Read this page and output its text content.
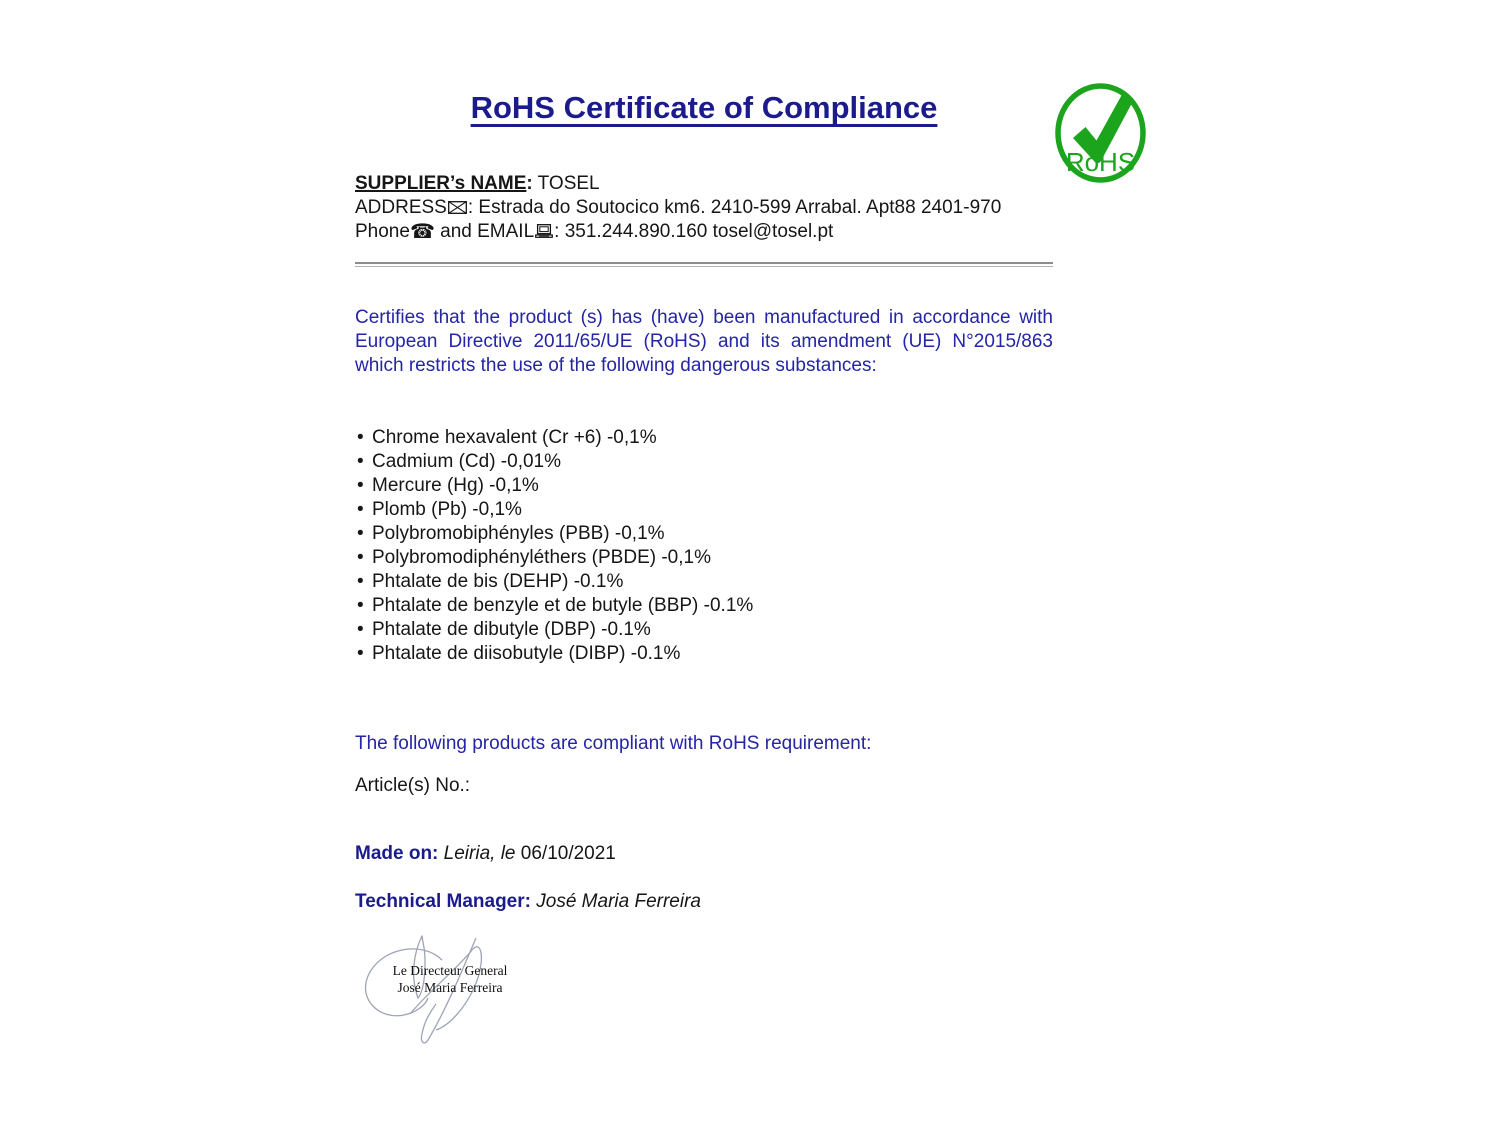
RoHS Certificate of Compliance
RoHS
SUPPLIER’s NAME: TOSEL
ADDRESS : Estrada do Soutocico km6. 2410-599 Arrabal. Apt88 2401-970
Phone☎ and EMAIL : 351.244.890.160 tosel@tosel.pt
Certifies that the product (s) has (have) been manufactured in accordance with European Directive 2011/65/UE (RoHS) and its amendment (UE) N°2015/863 which restricts the use of the following dangerous substances:
• Chrome hexavalent (Cr +6) -0,1%
• Cadmium (Cd) -0,01%
• Mercure (Hg) -0,1%
• Plomb (Pb) -0,1%
• Polybromobiphényles (PBB) -0,1%
• Polybromodiphényléthers (PBDE) -0,1%
• Phtalate de bis (DEHP) -0.1%
• Phtalate de benzyle et de butyle (BBP) -0.1%
• Phtalate de dibutyle (DBP) -0.1%
• Phtalate de diisobutyle (DIBP) -0.1%
The following products are compliant with RoHS requirement:
Article(s) No.:
Made on: Leiria, le 06/10/2021
Technical Manager: José Maria Ferreira
Le Directeur General
José Maria Ferreira
